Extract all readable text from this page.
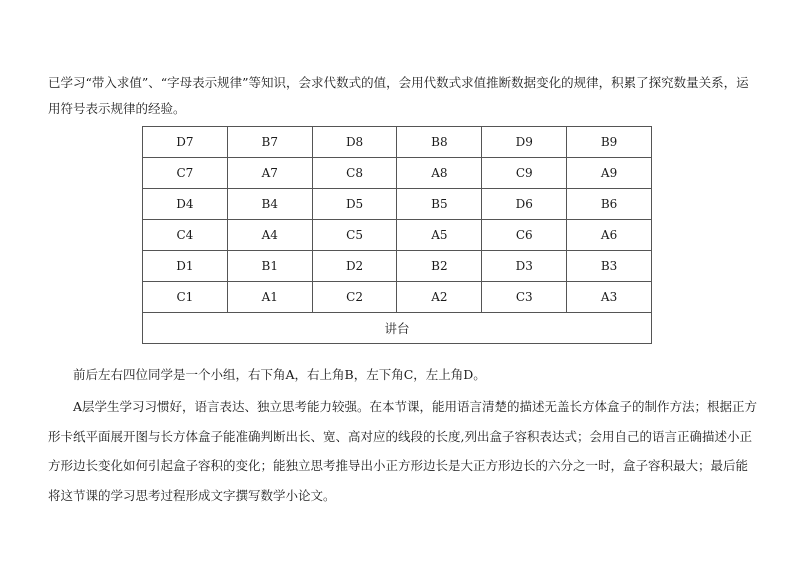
已学习“带入求值”、“字母表示规律”等知识，会求代数式的值，会用代数式求值推断数据变化的规律，积累了探究数量关系，运用符号表示规律的经验。

D7	B7	D8	B8	D9	B9
C7	A7	C8	A8	C9	A9
D4	B4	D5	B5	D6	B6
C4	A4	C5	A5	C6	A6
D1	B1	D2	B2	D3	B3
C1	A1	C2	A2	C3	A3
讲台					

前后左右四位同学是一个小组，右下角A，右上角B，左下角C，左上角D。

A层学生学习习惯好，语言表达、独立思考能力较强。在本节课，能用语言清楚的描述无盖长方体盒子的制作方法；根据正方形卡纸平面展开图与长方体盒子能准确判断出长、宽、高对应的线段的长度,列出盒子容积表达式；会用自己的语言正确描述小正方形边长变化如何引起盒子容积的变化；能独立思考推导出小正方形边长是大正方形边长的六分之一时，盒子容积最大；最后能将这节课的学习思考过程形成文字撰写数学小论文。
